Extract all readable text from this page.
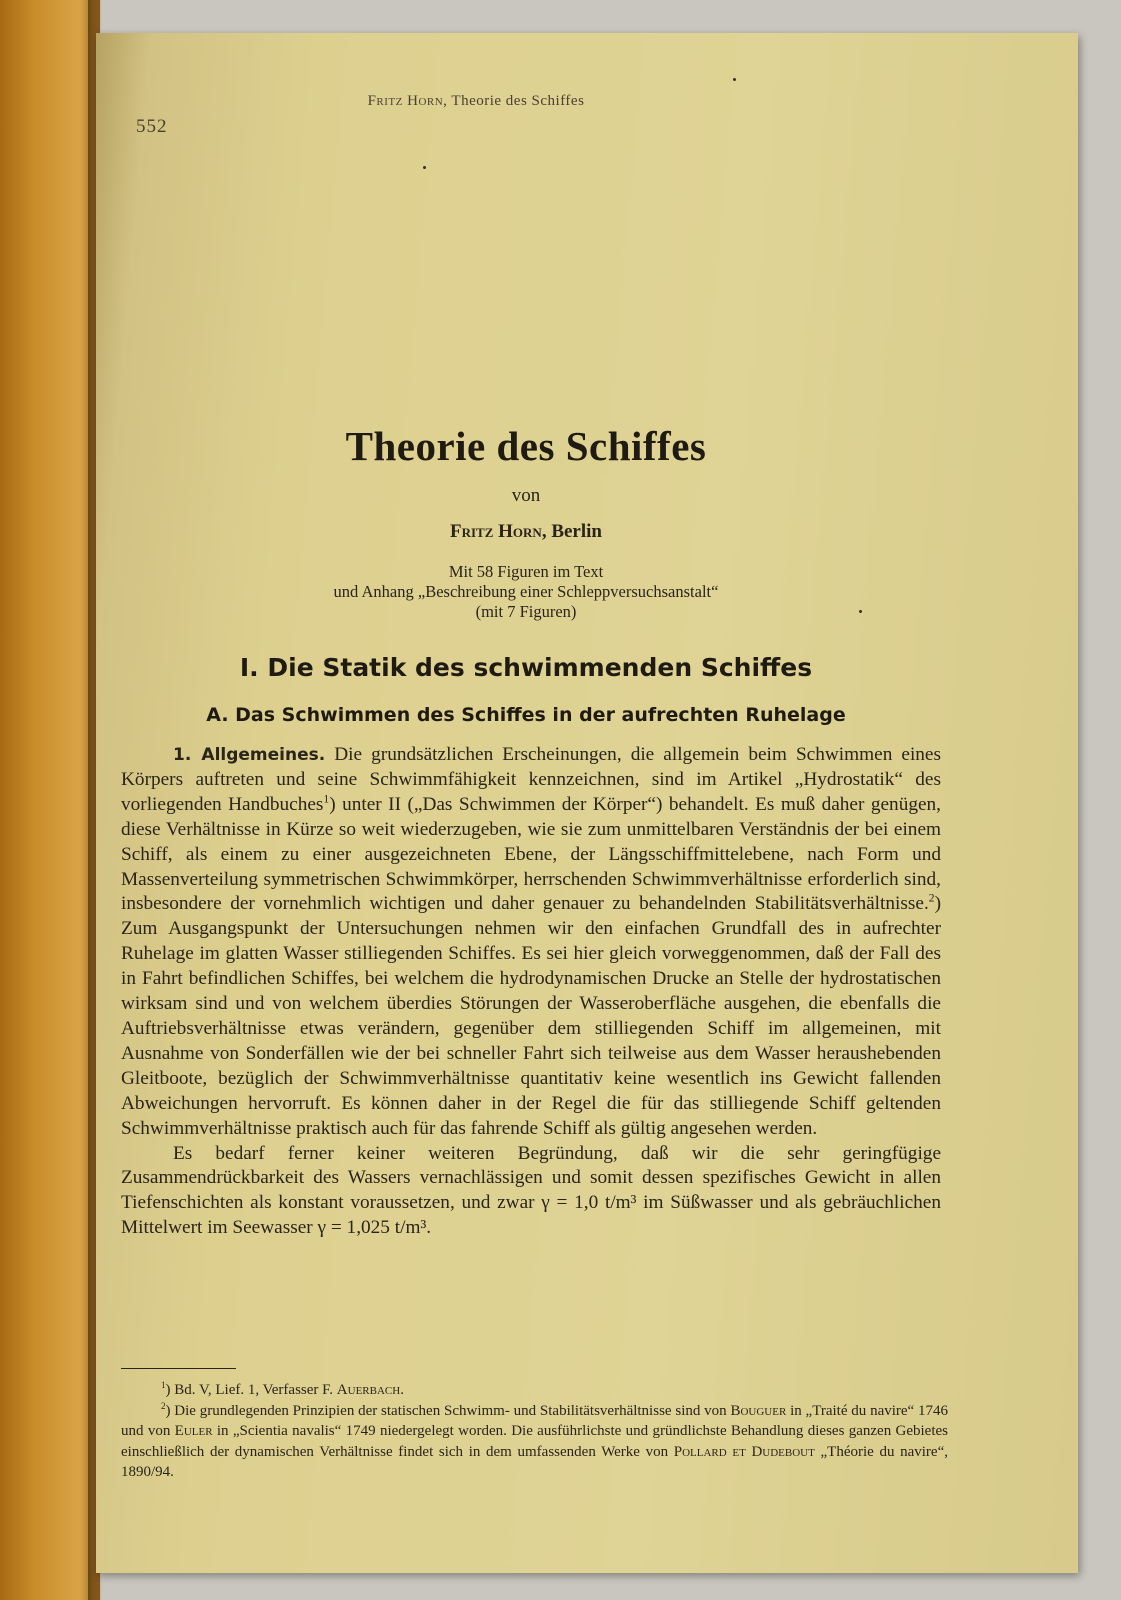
552
Fritz Horn, Theorie des Schiffes
Theorie des Schiffes
von
Fritz Horn, Berlin
Mit 58 Figuren im Text
und Anhang „Beschreibung einer Schleppversuchsanstalt“
(mit 7 Figuren)
I. Die Statik des schwimmenden Schiffes
A. Das Schwimmen des Schiffes in der aufrechten Ruhelage

1. Allgemeines. Die grundsätzlichen Erscheinungen, die allgemein beim Schwimmen eines Körpers auftreten und seine Schwimmfähigkeit kennzeichnen, sind im Artikel „Hydrostatik“ des vorliegenden Handbuches$^1$) unter II („Das Schwimmen der Körper“) behandelt. Es muß daher genügen, diese Verhältnisse in Kürze so weit wiederzugeben, wie sie zum unmittelbaren Verständnis der bei einem Schiff, als einem zu einer ausgezeichneten Ebene, der Längsschiffmittelebene, nach Form und Massenverteilung symmetrischen Schwimmkörper, herrschenden Schwimmverhältnisse erforderlich sind, insbesondere der vornehmlich wichtigen und daher genauer zu behandelnden Stabilitätsverhältnisse.$^2$) Zum Ausgangspunkt der Untersuchungen nehmen wir den einfachen Grundfall des in aufrechter Ruhelage im glatten Wasser stilliegenden Schiffes. Es sei hier gleich vorweggenommen, daß der Fall des in Fahrt befindlichen Schiffes, bei welchem die hydrodynamischen Drucke an Stelle der hydrostatischen wirksam sind und von welchem überdies Störungen der Wasseroberfläche ausgehen, die ebenfalls die Auftriebsverhältnisse etwas verändern, gegenüber dem stilliegenden Schiff im allgemeinen, mit Ausnahme von Sonderfällen wie der bei schneller Fahrt sich teilweise aus dem Wasser heraushebenden Gleitboote, bezüglich der Schwimmverhältnisse quantitativ keine wesentlich ins Gewicht fallenden Abweichungen hervorruft. Es können daher in der Regel die für das stilliegende Schiff geltenden Schwimmverhältnisse praktisch auch für das fahrende Schiff als gültig angesehen werden.

Es bedarf ferner keiner weiteren Begründung, daß wir die sehr geringfügige Zusammendrückbarkeit des Wassers vernachlässigen und somit dessen spezifisches Gewicht in allen Tiefenschichten als konstant voraussetzen, und zwar γ = 1,0 t/m³ im Süßwasser und als gebräuchlichen Mittelwert im Seewasser γ = 1,025 t/m³.

$^1$) Bd. V, Lief. 1, Verfasser F. Auerbach.

$^2$) Die grundlegenden Prinzipien der statischen Schwimm- und Stabilitätsverhältnisse sind von Bouguer in „Traité du navire“ 1746 und von Euler in „Scientia navalis“ 1749 niedergelegt worden. Die ausführlichste und gründlichste Behandlung dieses ganzen Gebietes einschließlich der dynamischen Verhältnisse findet sich in dem umfassenden Werke von Pollard et Dudebout „Théorie du navire“, 1890/94.
